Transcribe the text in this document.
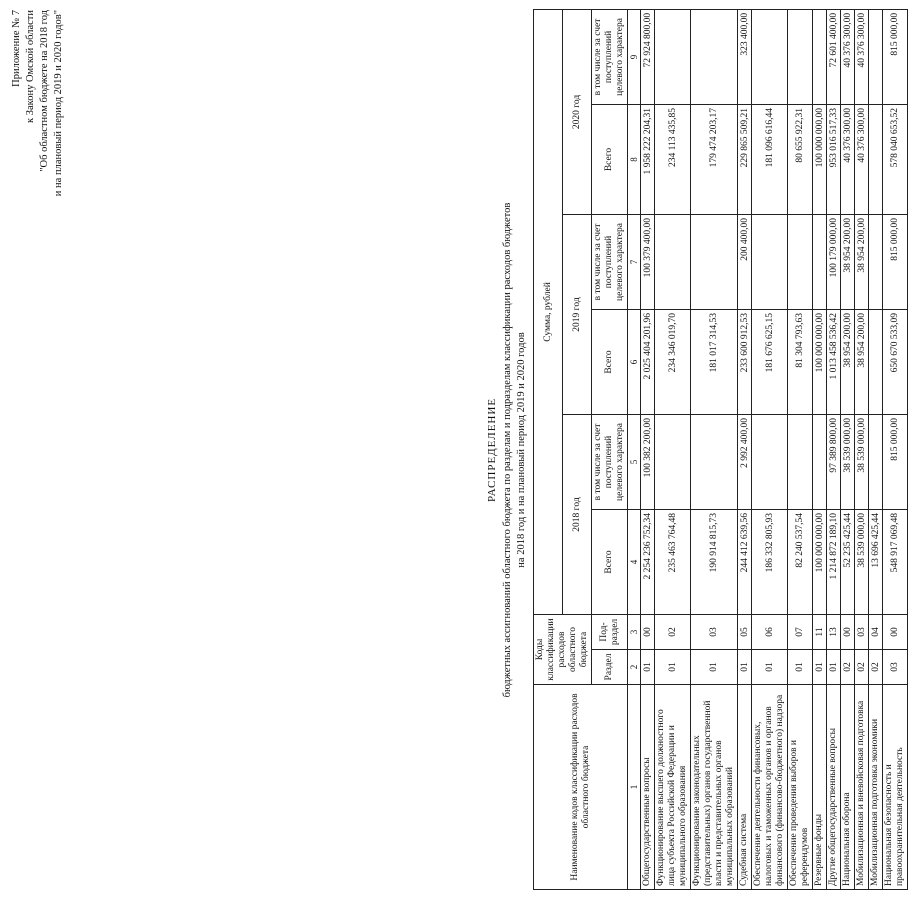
Приложение № 7 к Закону Омской области "Об областном бюджете на 2018 год и на плановый период 2019 и 2020 годов"
РАСПРЕДЕЛЕНИЕ бюджетных ассигнований областного бюджета по разделам и подразделам классификации расходов бюджетов на 2018 год и на плановый период 2019 и 2020 годов
Наименование кодов классификации расходов областного бюджета	Коды классификации расходов областного бюджета		Сумма, рублей					
			2018 год		2019 год		2020 год	
	Раздел	Под-раздел	Всего	в том числе за счет поступлений целевого характера	Всего	в том числе за счет поступлений целевого характера	Всего	в том числе за счет поступлений целевого характера

1	2	3	4	5	6	7	8	9
Общегосударственные вопросы	01	00	2 254 236 752,34	100 382 200,00	2 025 404 201,96	100 379 400,00	1 958 222 204,31	72 924 800,00
Функционирование высшего должностного лица субъекта Российской Федерации и муниципального образования	01	02	235 463 764,48		234 346 019,70		234 113 435,85	
Функционирование законодательных (представительных) органов государственной власти и представительных органов муниципальных образований	01	03	190 914 815,73		181 017 314,53		179 474 203,17	
Судебная система	01	05	244 412 639,56	2 992 400,00	233 600 912,53	200 400,00	229 865 509,21	323 400,00
Обеспечение деятельности финансовых, налоговых и таможенных органов и органов финансового (финансово-бюджетного) надзора	01	06	186 332 805,93		181 676 625,15		181 096 616,44	
Обеспечение проведения выборов и референдумов	01	07	82 240 537,54		81 304 793,63		80 655 922,31	
Резервные фонды	01	11	100 000 000,00		100 000 000,00		100 000 000,00	
Другие общегосударственные вопросы	01	13	1 214 872 189,10	97 389 800,00	1 013 458 536,42	100 179 000,00	953 016 517,33	72 601 400,00
Национальная оборона	02	00	52 235 425,44	38 539 000,00	38 954 200,00	38 954 200,00	40 376 300,00	40 376 300,00
Мобилизационная и вневойсковая подготовка	02	03	38 539 000,00	38 539 000,00	38 954 200,00	38 954 200,00	40 376 300,00	40 376 300,00
Мобилизационная подготовка экономики	02	04	13 696 425,44					
Национальная безопасность и правоохранительная деятельность	03	00	548 917 069,48	815 000,00	650 670 533,09	815 000,00	578 040 653,52	815 000,00
